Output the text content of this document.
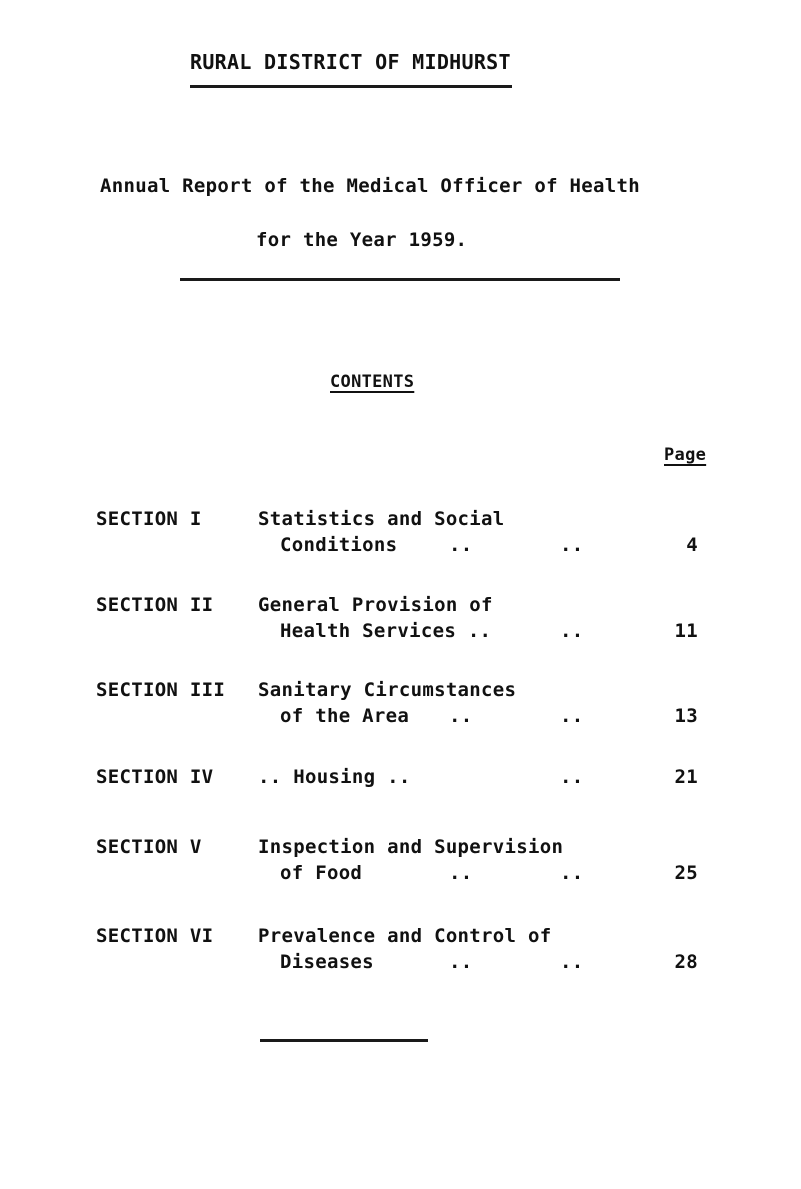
RURAL DISTRICT OF MIDHURST
Annual Report of the Medical Officer of Health
for the Year 1959.
CONTENTS
Page
SECTION I	Statistics and Social
Conditions	..	..	4
SECTION II General Provision of
Health Services ..	..	11
SECTION III Sanitary Circumstances
of the Area ..	..	13
SECTION IV .. Housing ..	..	21
SECTION V	Inspection and Supervision
of Food	..	..	25
SECTION VI Prevalence and Control of
Diseases	..	..	28
